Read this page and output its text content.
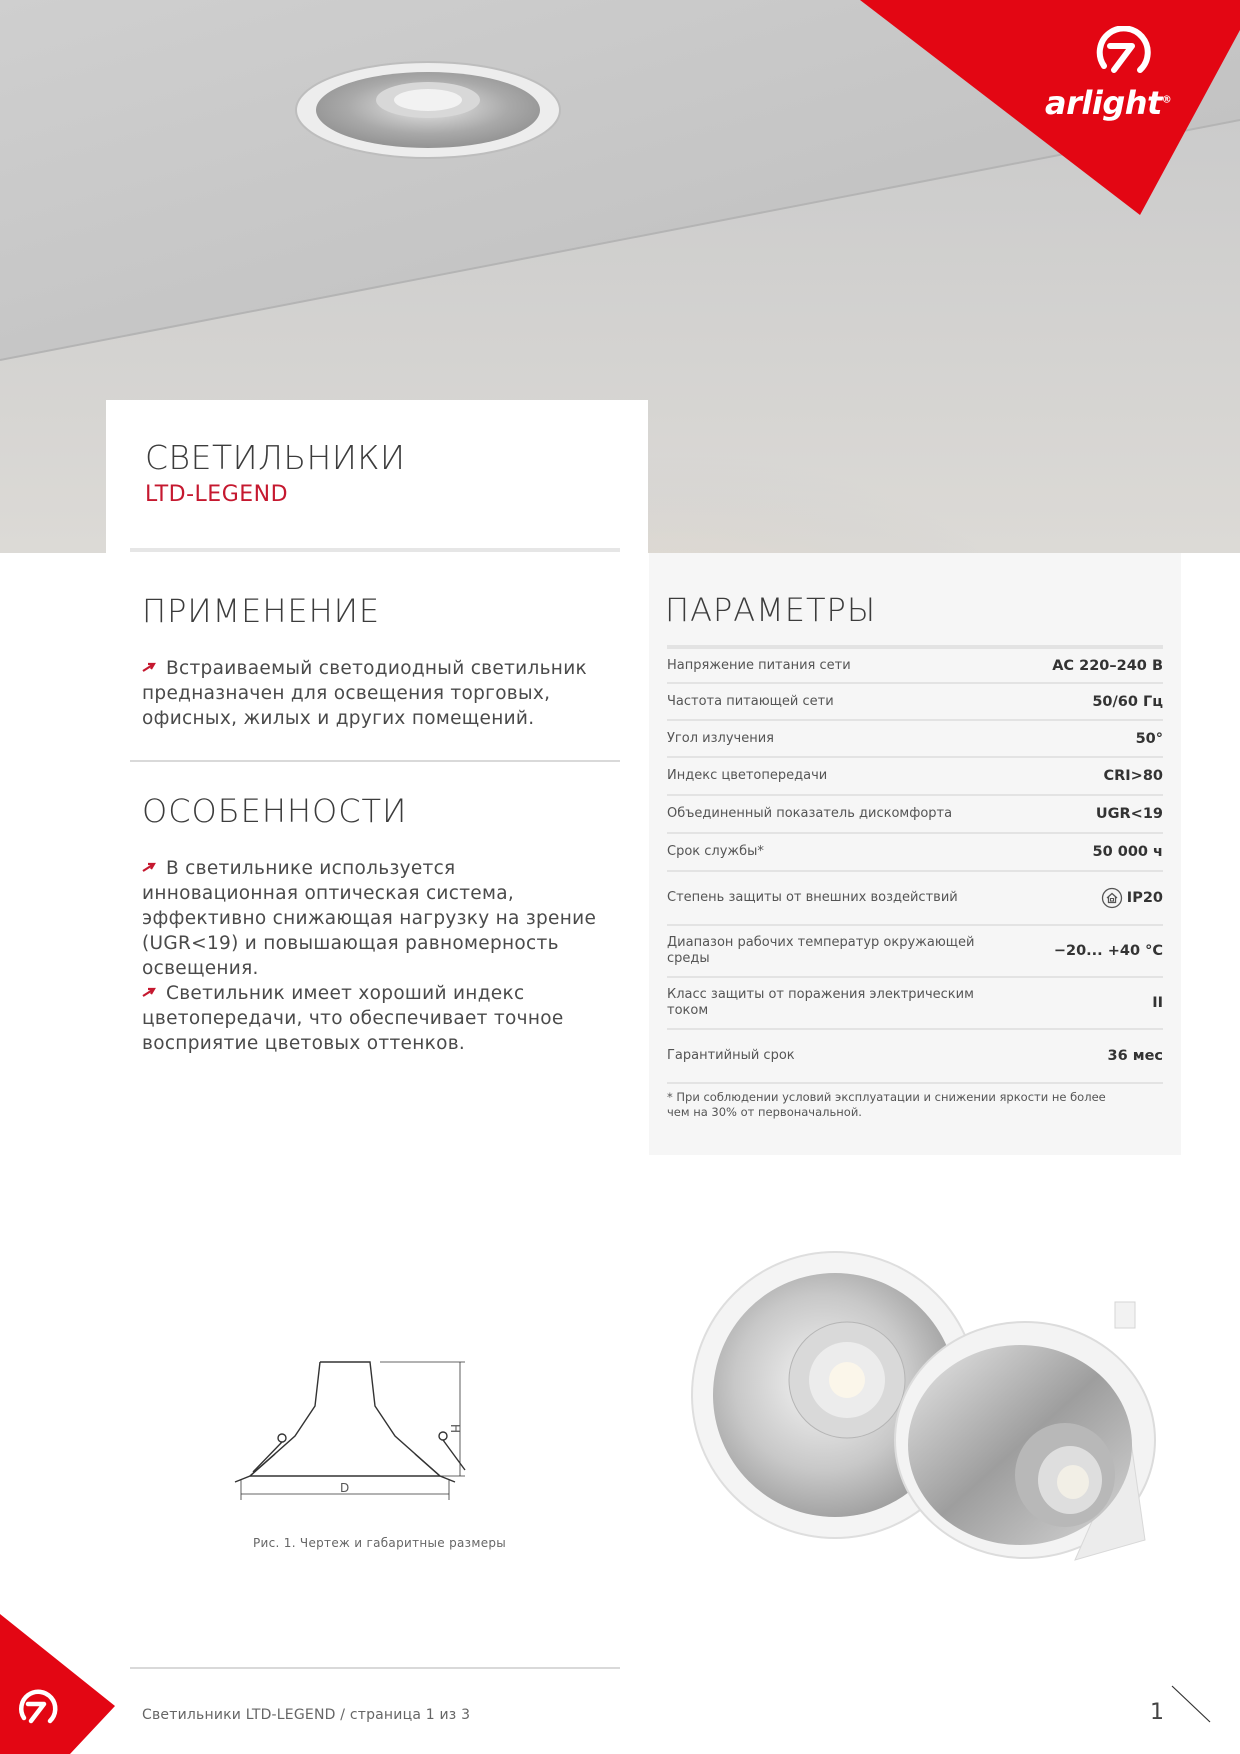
arlight®
СВЕТИЛЬНИКИ
LTD-LEGEND
ПРИМЕНЕНИЕ
Встраиваемый светодиодный светильник предназначен для освещения торговых, офисных, жилых и других помещений.
ОСОБЕННОСТИ
В светильнике используется инновационная оптическая система, эффективно снижающая нагрузку на зрение (UGR<19) и повышающая равномерность освещения.
Светильник имеет хороший индекс цветопередачи, что обеспечивает точное восприятие цветовых оттенков.
ПАРАМЕТРЫ
Напряжение питания сети	AC 220–240 В
Частота питающей сети	50/60 Гц
Угол излучения	50°
Индекс цветопередачи	CRI>80
Объединенный показатель дискомфорта	UGR<19
Срок службы*	50 000 ч
Степень защиты от внешних воздействий	IP20
Диапазон рабочих температур окружающей среды	−20... +40 °C
Класс защиты от поражения электрическим током	II
Гарантийный срок	36 мес
* При соблюдении условий эксплуатации и снижении яркости не более чем на 30% от первоначальной.
H
D
Рис. 1. Чертеж и габаритные размеры
Светильники LTD-LEGEND / страница 1 из 3	1
